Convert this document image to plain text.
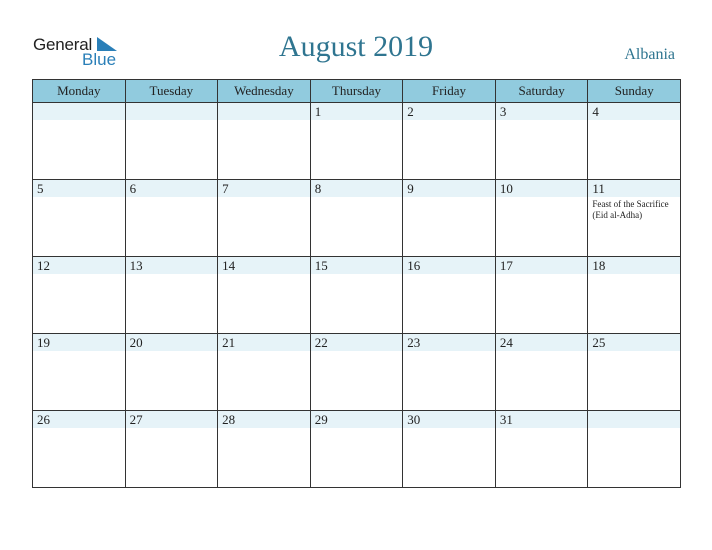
General
Blue	August 2019	Albania
Monday	Tuesday	Wednesday	Thursday	Friday	Saturday	Sunday

			1	2	3	4

5	6	7	8	9	10	11
Feast of the Sacrifice (Eid al-Adha)

12	13	14	15	16	17	18

19	20	21	22	23	24	25

26	27	28	29	30	31	
